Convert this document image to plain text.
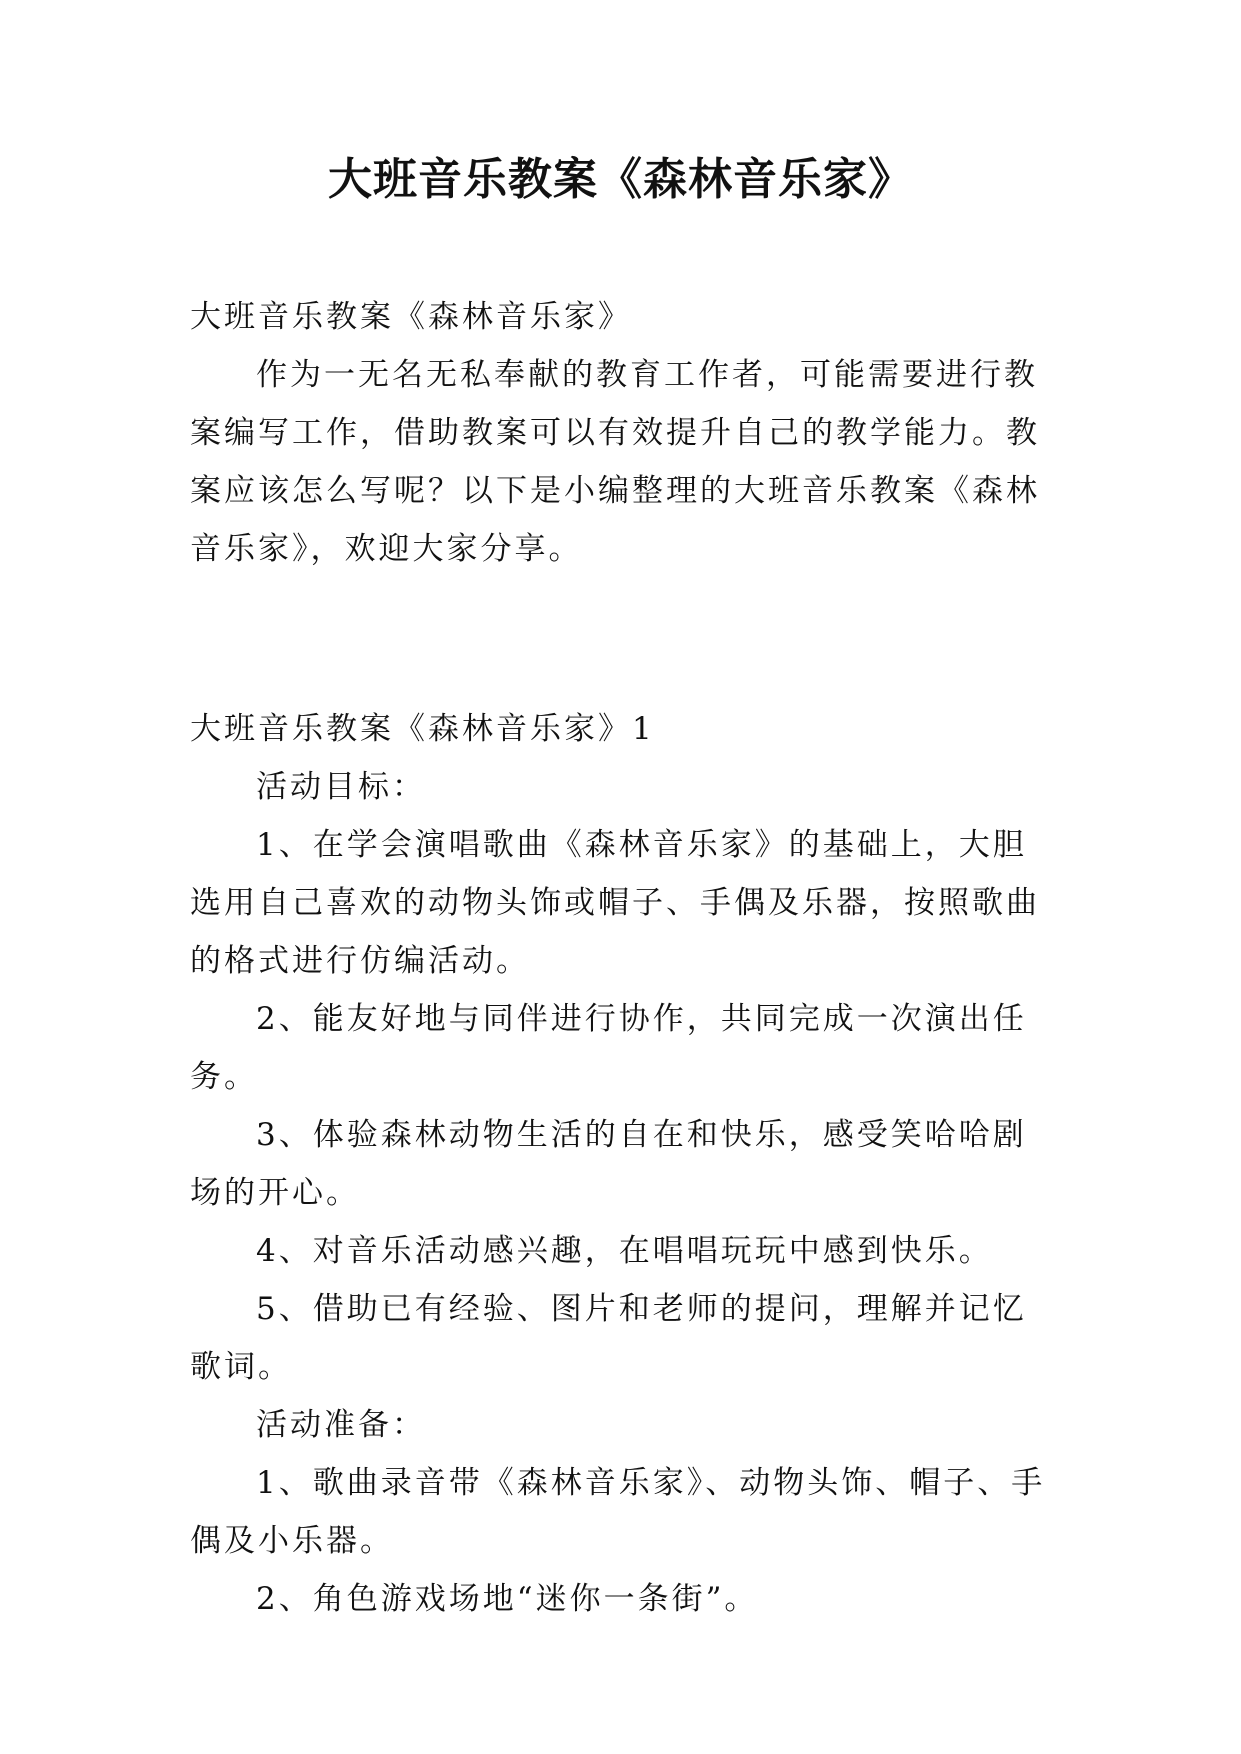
大班音乐教案《森林音乐家》

大班音乐教案《森林音乐家》

作为一无名无私奉献的教育工作者，可能需要进行教案编写工作，借助教案可以有效提升自己的教学能力。教案应该怎么写呢？以下是小编整理的大班音乐教案《森林音乐家》，欢迎大家分享。

大班音乐教案《森林音乐家》1

活动目标：

1、在学会演唱歌曲《森林音乐家》的基础上，大胆选用自己喜欢的动物头饰或帽子、手偶及乐器，按照歌曲的格式进行仿编活动。

2、能友好地与同伴进行协作，共同完成一次演出任务。

3、体验森林动物生活的自在和快乐，感受笑哈哈剧场的开心。

4、对音乐活动感兴趣，在唱唱玩玩中感到快乐。

5、借助已有经验、图片和老师的提问，理解并记忆歌词。

活动准备：

1、歌曲录音带《森林音乐家》、动物头饰、帽子、手偶及小乐器。

2、角色游戏场地“迷你一条街”。
